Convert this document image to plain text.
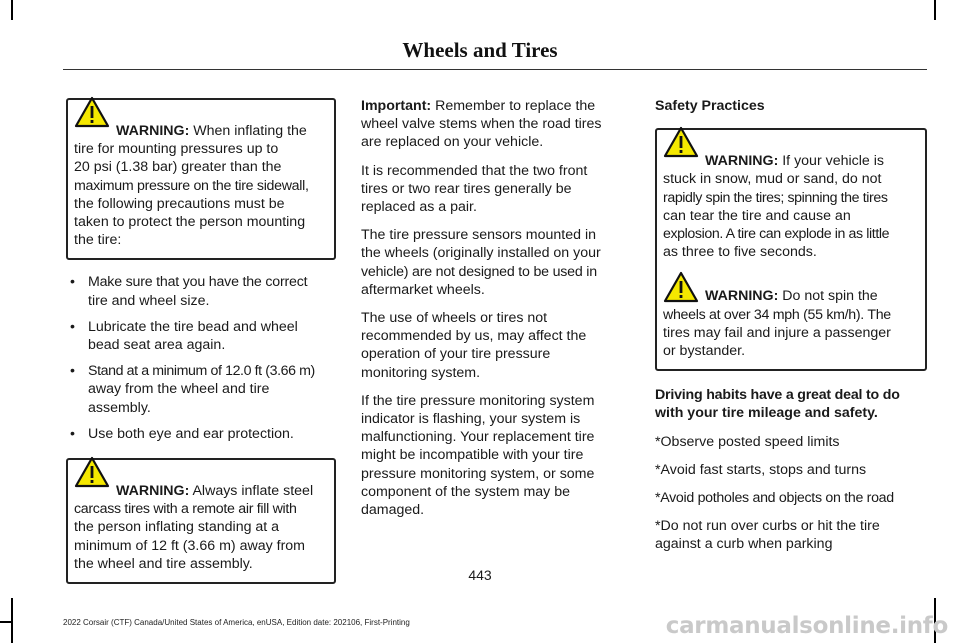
Wheels and Tires
WARNING: When inflating the
tire for mounting pressures up to
20 psi (1.38 bar) greater than the
maximum pressure on the tire sidewall,
the following precautions must be
taken to protect the person mounting
the tire:
• Make sure that you have the correct
tire and wheel size.
• Lubricate the tire bead and wheel
bead seat area again.
• Stand at a minimum of 12.0 ft (3.66 m)
away from the wheel and tire
assembly.
• Use both eye and ear protection.
WARNING: Always inflate steel
carcass tires with a remote air fill with
the person inflating standing at a
minimum of 12 ft (3.66 m) away from
the wheel and tire assembly.

Important: Remember to replace the
wheel valve stems when the road tires
are replaced on your vehicle.

It is recommended that the two front
tires or two rear tires generally be
replaced as a pair.

The tire pressure sensors mounted in
the wheels (originally installed on your
vehicle) are not designed to be used in
aftermarket wheels.

The use of wheels or tires not
recommended by us, may affect the
operation of your tire pressure
monitoring system.

If the tire pressure monitoring system
indicator is flashing, your system is
malfunctioning. Your replacement tire
might be incompatible with your tire
pressure monitoring system, or some
component of the system may be
damaged.

Safety Practices
WARNING: If your vehicle is
stuck in snow, mud or sand, do not
rapidly spin the tires; spinning the tires
can tear the tire and cause an
explosion. A tire can explode in as little
as three to five seconds.
WARNING: Do not spin the
wheels at over 34 mph (55 km/h). The
tires may fail and injure a passenger
or bystander.

Driving habits have a great deal to do
with your tire mileage and safety.

*Observe posted speed limits

*Avoid fast starts, stops and turns

*Avoid potholes and objects on the road

*Do not run over curbs or hit the tire
against a curb when parking

443
2022 Corsair (CTF) Canada/United States of America, enUSA, Edition date: 202106, First-Printing	carmanualsonline.info
